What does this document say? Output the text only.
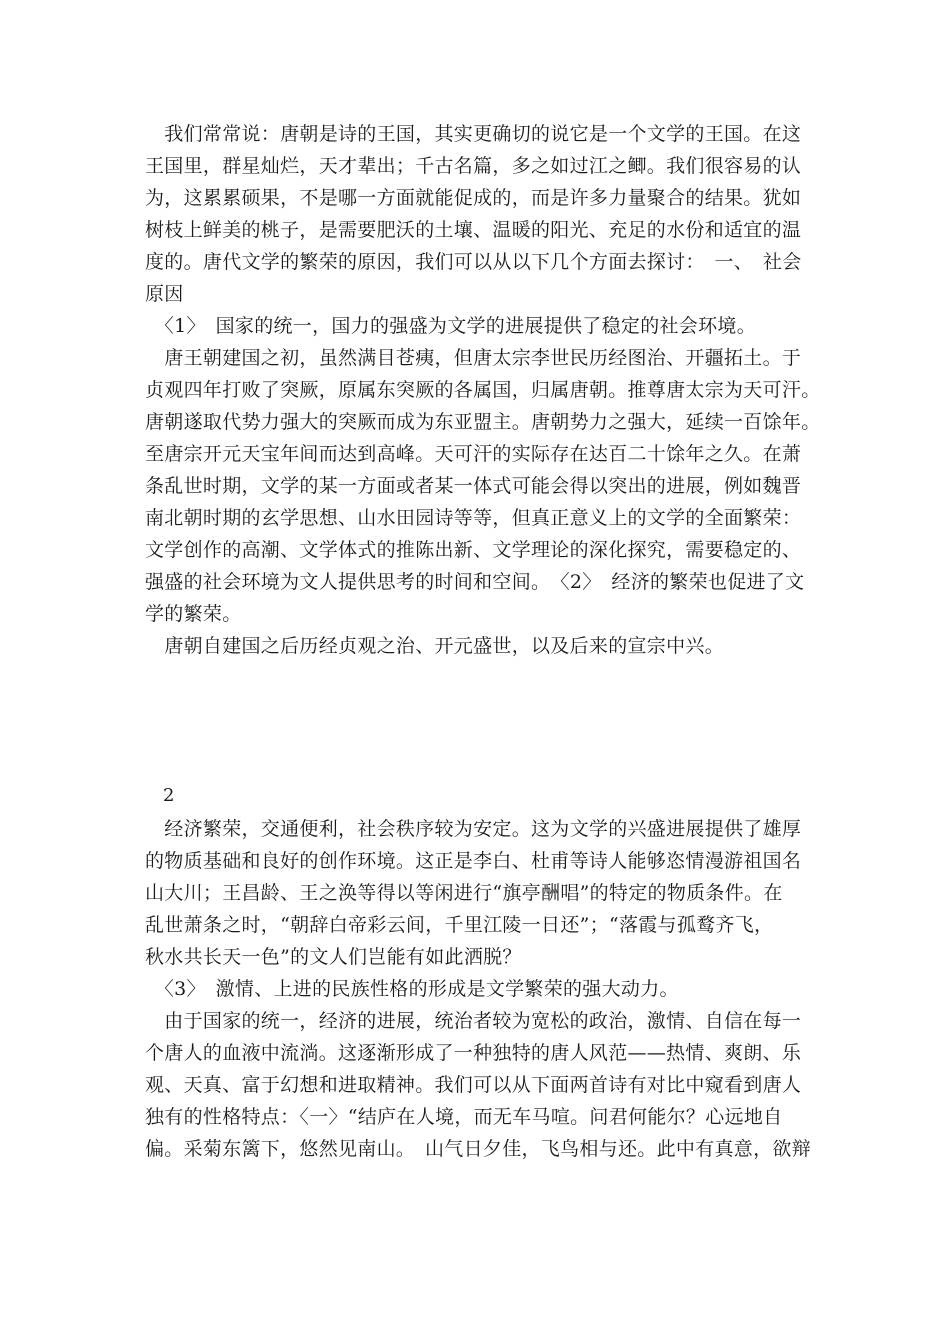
　我们常常说：唐朝是诗的王国，其实更确切的说它是一个文学的王国。在这
王国里，群星灿烂，天才辈出；千古名篇，多之如过江之鲫。我们很容易的认
为，这累累硕果，不是哪一方面就能促成的，而是许多力量聚合的结果。犹如
树枝上鲜美的桃子，是需要肥沃的土壤、温暖的阳光、充足的水份和适宜的温
度的。唐代文学的繁荣的原因，我们可以从以下几个方面去探讨：　一、　社会
原因
　〈1〉　国家的统一，国力的强盛为文学的进展提供了稳定的社会环境。
　唐王朝建国之初，虽然满目苍痍，但唐太宗李世民历经图治、开疆拓土。于
贞观四年打败了突厥，原属东突厥的各属国，归属唐朝。推尊唐太宗为天可汗。
唐朝遂取代势力强大的突厥而成为东亚盟主。唐朝势力之强大，延续一百馀年。
至唐宗开元天宝年间而达到高峰。天可汗的实际存在达百二十馀年之久。在萧
条乱世时期，文学的某一方面或者某一体式可能会得以突出的进展，例如魏晋
南北朝时期的玄学思想、山水田园诗等等，但真正意义上的文学的全面繁荣：
文学创作的高潮、文学体式的推陈出新、文学理论的深化探究，需要稳定的、
强盛的社会环境为文人提供思考的时间和空间。　〈2〉　经济的繁荣也促进了文
学的繁荣。
　唐朝自建国之后历经贞观之治、开元盛世，以及后来的宣宗中兴。
2
　经济繁荣，交通便利，社会秩序较为安定。这为文学的兴盛进展提供了雄厚
的物质基础和良好的创作环境。这正是李白、杜甫等诗人能够恣情漫游祖国名
山大川；王昌龄、王之涣等得以等闲进行“旗亭酬唱”的特定的物质条件。在
乱世萧条之时，“朝辞白帝彩云间，千里江陵一日还”；“落霞与孤鹜齐飞，
秋水共长天一色”的文人们岂能有如此洒脱？
　〈3〉　激情、上进的民族性格的形成是文学繁荣的强大动力。
　由于国家的统一，经济的进展，统治者较为宽松的政治，激情、自信在每一
个唐人的血液中流淌。这逐渐形成了一种独特的唐人风范——热情、爽朗、乐
观、天真、富于幻想和进取精神。我们可以从下面两首诗有对比中窥看到唐人
独有的性格特点：〈一〉“结庐在人境，而无车马喧。问君何能尔？心远地自
偏。采菊东篱下，悠然见南山。　山气日夕佳，飞鸟相与还。此中有真意，欲辩
